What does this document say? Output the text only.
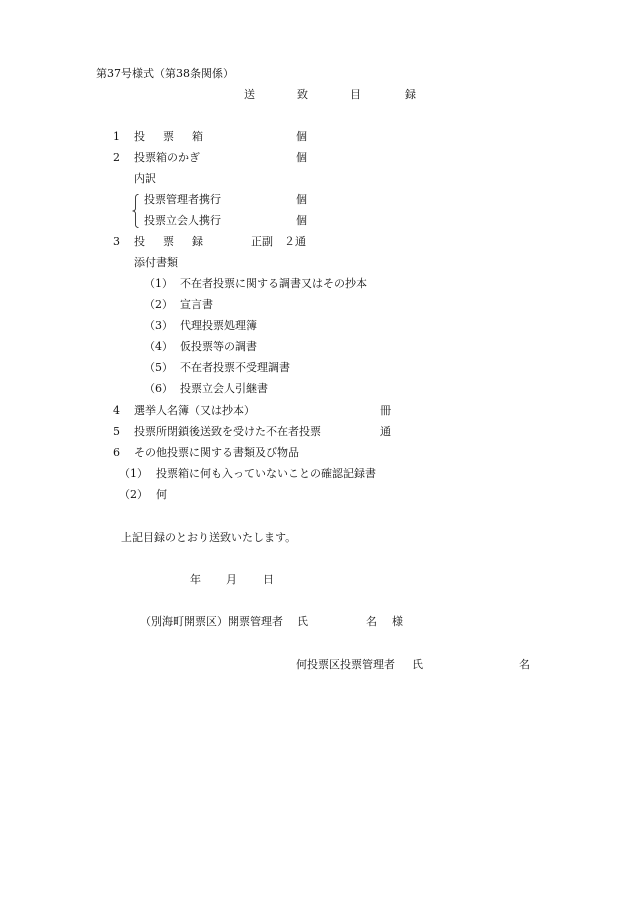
第37号様式（第38条関係）
送	致	目	録
1 投 票 箱	個
2 投票箱のかぎ	個
内訳
投票管理者携行	個
投票立会人携行	個
3 投 票 録	正副　２通
添付書類
（1） 不在者投票に関する調書又はその抄本
（2） 宣言書
（3） 代理投票処理簿
（4） 仮投票等の調書
（5） 不在者投票不受理調書
（6） 投票立会人引継書
4 選挙人名簿（又は抄本）	冊
5 投票所閉鎖後送致を受けた不在者投票	通
6 その他投票に関する書類及び物品
（1） 投票箱に何も入っていないことの確認記録書
（2） 何
上記目録のとおり送致いたします。
年 月 日
（別海町開票区）開票管理者 氏	名 様
何投票区投票管理者 氏	名
